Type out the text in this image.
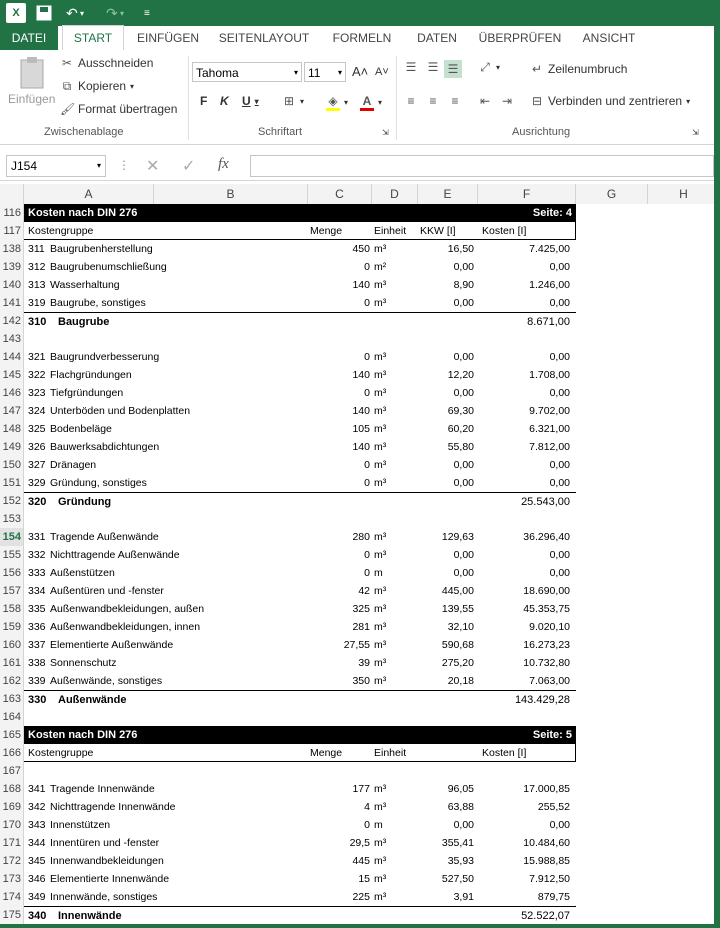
X	↶ ▾ ↷ ▾ ≡
DATEI	START	EINFÜGEN	SEITENLAYOUT	FORMELN	DATEN	ÜBERPRÜFEN	ANSICHT
Einfügen
✂ Ausschneiden
⧉ Kopieren ▾
🖌 Format übertragen
Zwischenablage
Tahoma	▾ 11 ▾ A˄ A˅
F K U ▾ ⊞ ▾ ◈ ▾ A ▾
Schriftart	⇲
☰ ☰ ☰ ⤢ ▾	↵ Zeilenumbruch
≡ ≡ ≡ ⇤ ⇥ ⊟ Verbinden und zentrieren ▾
Ausrichtung	⇲
J154	▾ ⋮ ✕ ✓ fx
A	B	C	D	E	F	G	H
116
117
138
139
140
141
142
143
144
145
146
147
148
149
150
151
152
153
154
155
156
157
158
159
160
161
162
163
164
165
166
167
168
169
170
171
172
173
174
175
Kosten nach DIN 276	Seite: 4
Kostengruppe	Menge	Einheit KKW [I]	Kosten [I]
311 Baugrubenherstellung	450 m³	16,50	7.425,00
312 Baugrubenumschließung	0 m²	0,00	0,00
313 Wasserhaltung	140 m³	8,90	1.246,00
319 Baugrube, sonstiges	0 m³	0,00	0,00
310 Baugrube	8.671,00
321 Baugrundverbesserung	0 m³	0,00	0,00
322 Flachgründungen	140 m³	12,20	1.708,00
323 Tiefgründungen	0 m³	0,00	0,00
324 Unterböden und Bodenplatten	140 m³	69,30	9.702,00
325 Bodenbeläge	105 m³	60,20	6.321,00
326 Bauwerksabdichtungen	140 m³	55,80	7.812,00
327 Dränagen	0 m³	0,00	0,00
329 Gründung, sonstiges	0 m³	0,00	0,00
320 Gründung	25.543,00
331 Tragende Außenwände	280 m³	129,63	36.296,40
332 Nichttragende Außenwände	0 m³	0,00	0,00
333 Außenstützen	0 m	0,00	0,00
334 Außentüren und -fenster	42 m³	445,00	18.690,00
335 Außenwandbekleidungen, außen	325 m³	139,55	45.353,75
336 Außenwandbekleidungen, innen	281 m³	32,10	9.020,10
337 Elementierte Außenwände	27,55 m³	590,68	16.273,23
338 Sonnenschutz	39 m³	275,20	10.732,80
339 Außenwände, sonstiges	350 m³	20,18	7.063,00
330 Außenwände	143.429,28
Kosten nach DIN 276	Seite: 5
Kostengruppe	Menge	Einheit	Kosten [I]
341 Tragende Innenwände	177 m³	96,05	17.000,85
342 Nichttragende Innenwände	4 m³	63,88	255,52
343 Innenstützen	0 m	0,00	0,00
344 Innentüren und -fenster	29,5 m³	355,41	10.484,60
345 Innenwandbekleidungen	445 m³	35,93	15.988,85
346 Elementierte Innenwände	15 m³	527,50	7.912,50
349 Innenwände, sonstiges	225 m³	3,91	879,75
340 Innenwände	52.522,07
